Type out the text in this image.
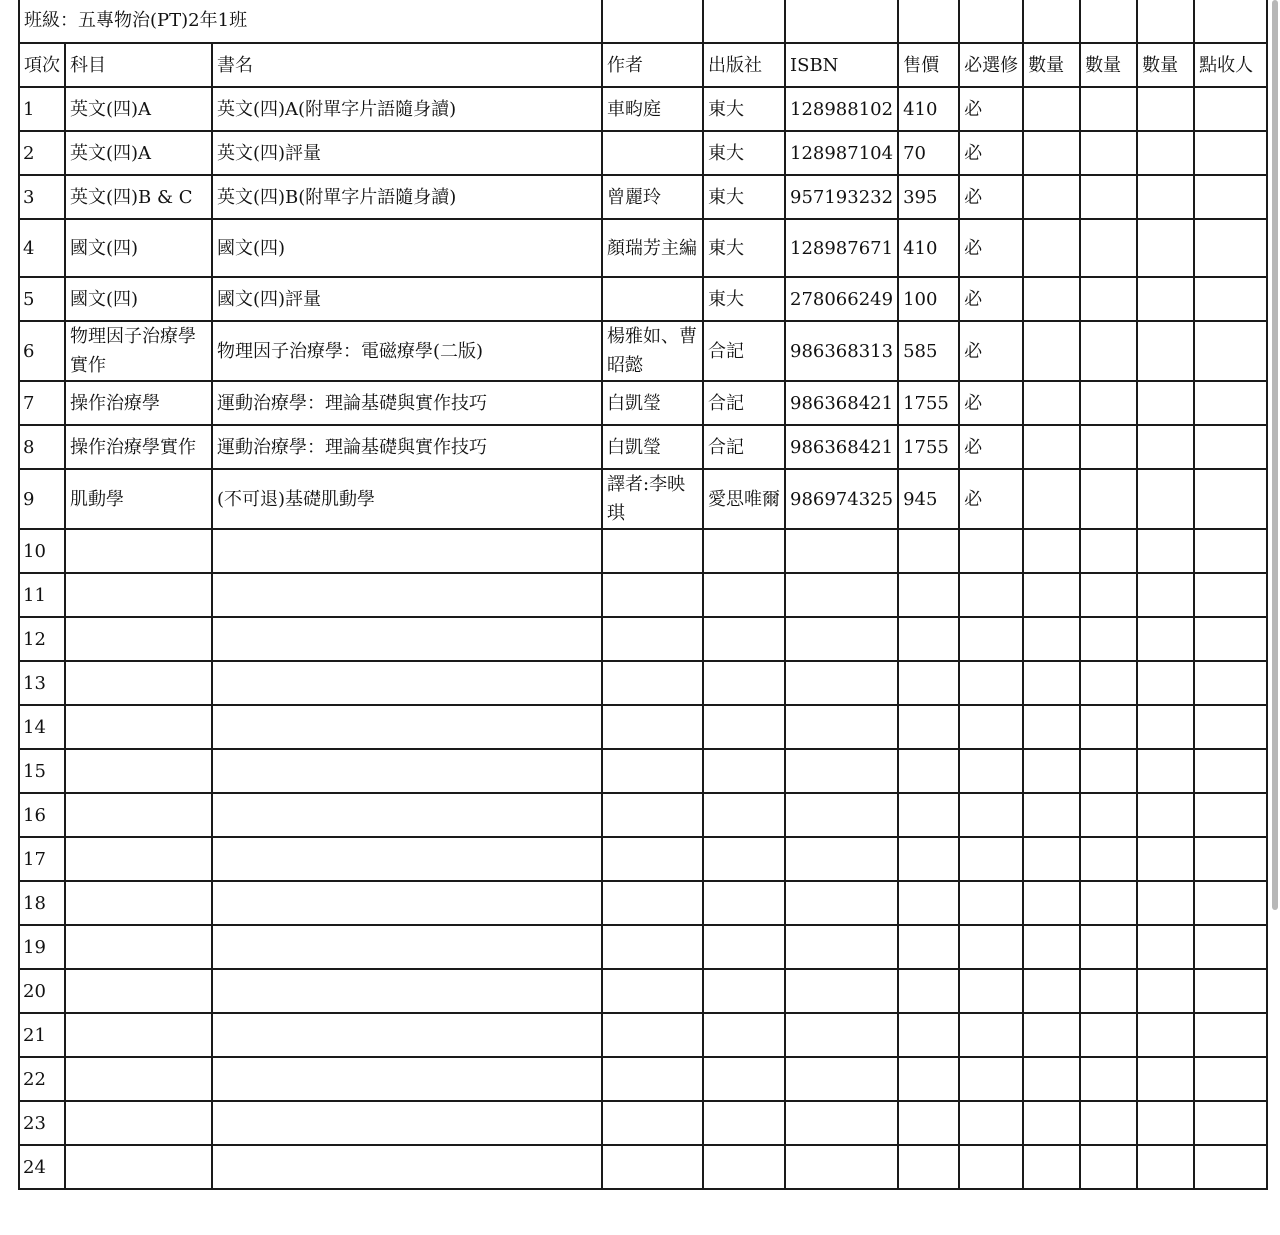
班級：五專物治(PT)2年1班											

項次	科目	書名	作者	出版社	ISBN	售價	必選修	數量	數量	數量	點收人
1	英文(四)A	英文(四)A(附單字片語隨身讀)	車畇庭	東大	128988102	410	必				
2	英文(四)A	英文(四)評量		東大	128987104	70	必				
3	英文(四)B & C	英文(四)B(附單字片語隨身讀)	曾麗玲	東大	957193232	395	必				
4	國文(四)	國文(四)	顏瑞芳主編	東大	128987671	410	必				
5	國文(四)	國文(四)評量		東大	278066249	100	必				
6	物理因子治療學實作	物理因子治療學：電磁療學(二版)	楊雅如、曹昭懿	合記	986368313	585	必				
7	操作治療學	運動治療學：理論基礎與實作技巧	白凱瑩	合記	986368421	1755	必				
8	操作治療學實作	運動治療學：理論基礎與實作技巧	白凱瑩	合記	986368421	1755	必				
9	肌動學	(不可退)基礎肌動學	譯者:李映琪	愛思唯爾	986974325	945	必				
10											
11											
12											
13											
14											
15											
16											
17											
18											
19											
20											
21											
22											
23											
24											
